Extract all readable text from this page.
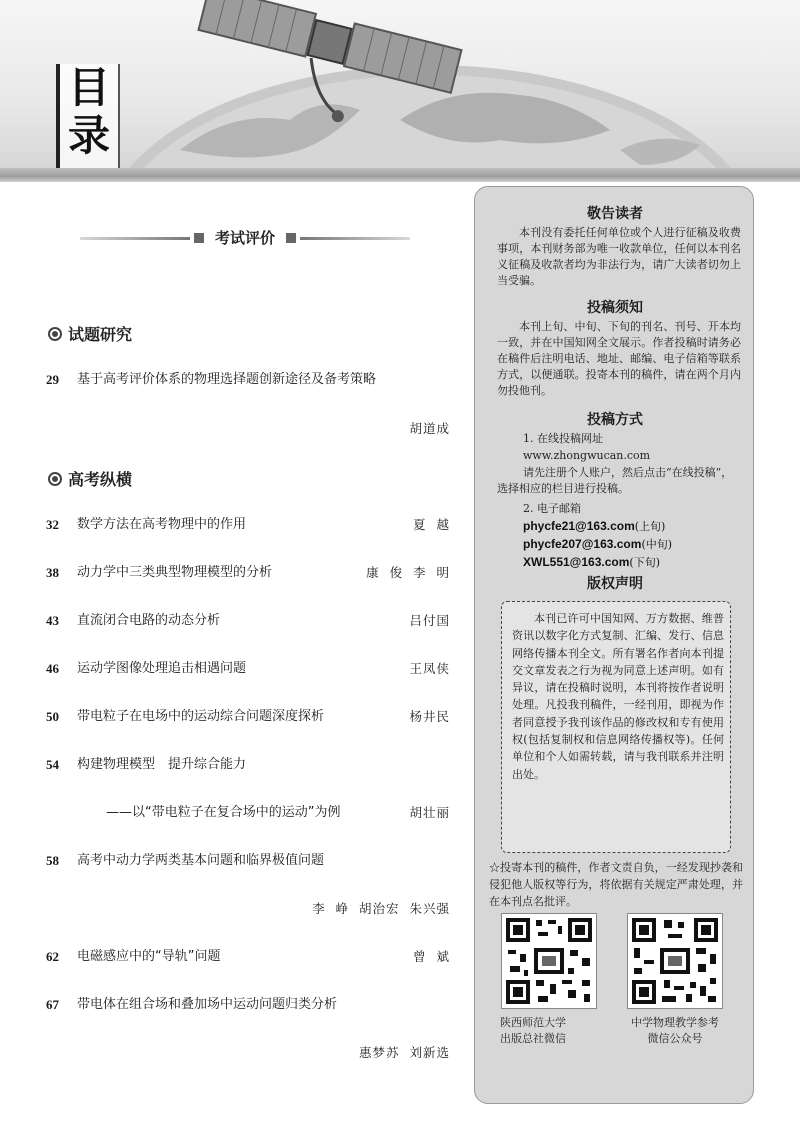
目
录
考试评价
试题研究
29	基于高考评价体系的物理选择题创新途径及备考策略
胡道成
高考纵横
32	数学方法在高考物理中的作用	夏  越
38	动力学中三类典型物理模型的分析	康  俊  李  明
43	直流闭合电路的动态分析	吕付国
46	运动学图像处理追击相遇问题	王凤侠
50	带电粒子在电场中的运动综合问题深度探析	杨井民
54	构建物理模型　提升综合能力
——以“带电粒子在复合场中的运动”为例	胡壮丽
58	高考中动力学两类基本问题和临界极值问题
李  峥  胡治宏  朱兴强
62	电磁感应中的“导轨”问题	曾  斌
67	带电体在组合场和叠加场中运动问题归类分析
惠梦苏  刘新选
敬告读者
本刊没有委托任何单位或个人进行征稿及收费事项，本刊财务部为唯一收款单位，任何以本刊名义征稿及收款者均为非法行为，请广大读者切勿上当受骗。
投稿须知
本刊上旬、中旬、下旬的刊名、刊号、开本均一致，并在中国知网全文展示。作者投稿时请务必在稿件后注明电话、地址、邮编、电子信箱等联系方式，以便通联。投寄本刊的稿件，请在两个月内勿投他刊。
投稿方式
1. 在线投稿网址
www.zhongwucan.com
请先注册个人账户，然后点击“在线投稿”，选择相应的栏目进行投稿。
2. 电子邮箱
phycfe21@163.com(上旬)
phycfe207@163.com(中旬)
XWL551@163.com(下旬)
版权声明
本刊已许可中国知网、万方数据、维普资讯以数字化方式复制、汇编、发行、信息网络传播本刊全文。所有署名作者向本刊提交文章发表之行为视为同意上述声明。如有异议，请在投稿时说明，本刊将按作者说明处理。凡投我刊稿件，一经刊用，即视为作者同意授予我刊该作品的修改权和专有使用权(包括复制权和信息网络传播权等)。任何单位和个人如需转载，请与我刊联系并注明出处。
☆投寄本刊的稿件，作者文责自负，一经发现抄袭和侵犯他人版权等行为，将依据有关规定严肃处理，并在本刊点名批评。
陕西师范大学
出版总社微信
中学物理教学参考
微信公众号
